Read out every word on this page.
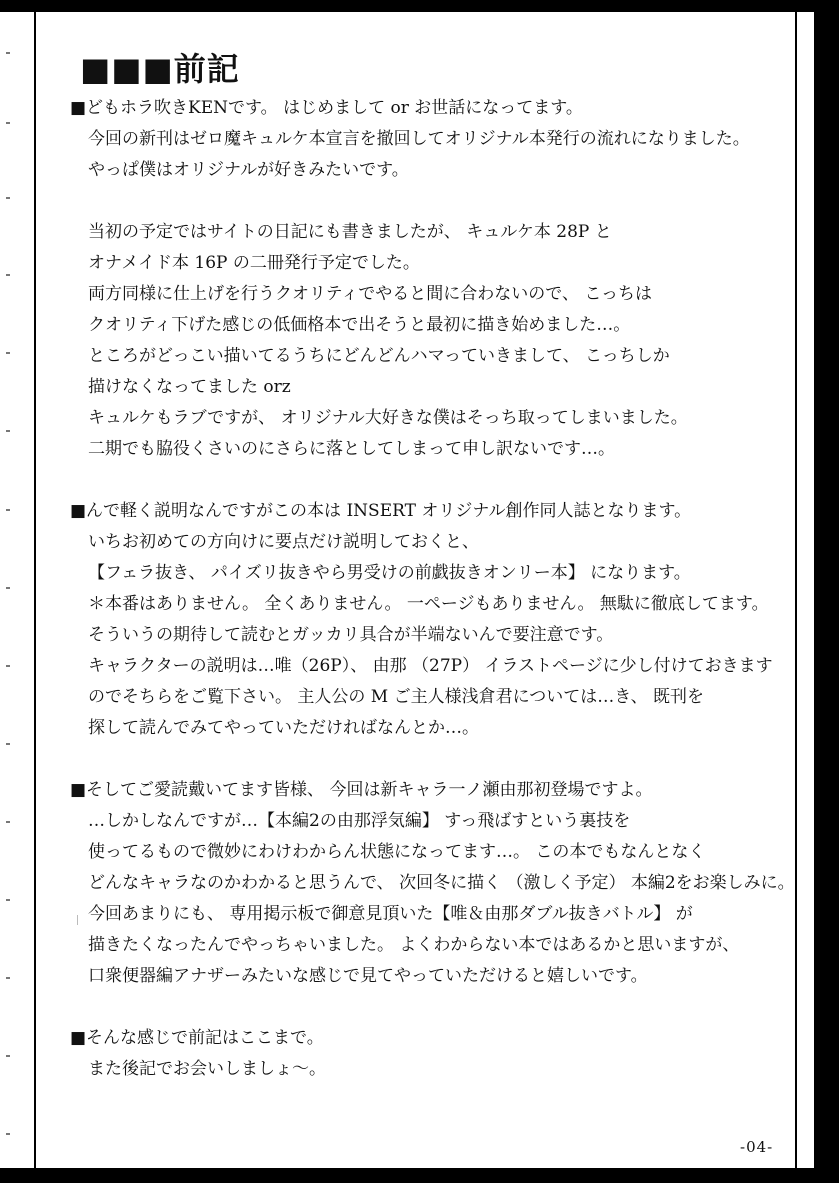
■■■前記
■どもホラ吹きKENです。 はじめまして or お世話になってます。
今回の新刊はゼロ魔キュルケ本宣言を撤回してオリジナル本発行の流れになりました。
やっぱ僕はオリジナルが好きみたいです。
当初の予定ではサイトの日記にも書きましたが、 キュルケ本 28P と
オナメイド本 16P の二冊発行予定でした。
両方同様に仕上げを行うクオリティでやると間に合わないので、 こっちは
クオリティ下げた感じの低価格本で出そうと最初に描き始めました…。
ところがどっこい描いてるうちにどんどんハマっていきまして、 こっちしか
描けなくなってました orz
キュルケもラブですが、 オリジナル大好きな僕はそっち取ってしまいました。
二期でも脇役くさいのにさらに落としてしまって申し訳ないです…。
■んで軽く説明なんですがこの本は INSERT オリジナル創作同人誌となります。
いちお初めての方向けに要点だけ説明しておくと、
【フェラ抜き、 パイズリ抜きやら男受けの前戯抜きオンリー本】 になります。
＊本番はありません。 全くありません。 一ページもありません。 無駄に徹底してます。
そういうの期待して読むとガッカリ具合が半端ないんで要注意です。
キャラクターの説明は…唯（26P）、 由那 （27P） イラストページに少し付けておきます
のでそちらをご覧下さい。 主人公の M ご主人様浅倉君については…き、 既刊を
探して読んでみてやっていただければなんとか…。
■そしてご愛読戴いてます皆様、 今回は新キャラ一ノ瀬由那初登場ですよ。
…しかしなんですが…【本編2の由那浮気編】 すっ飛ばすという裏技を
使ってるもので微妙にわけわからん状態になってます…。 この本でもなんとなく
どんなキャラなのかわかると思うんで、 次回冬に描く （激しく予定） 本編2をお楽しみに。
今回あまりにも、 専用掲示板で御意見頂いた【唯＆由那ダブル抜きバトル】 が
描きたくなったんでやっちゃいました。 よくわからない本ではあるかと思いますが、
口衆便器編アナザーみたいな感じで見てやっていただけると嬉しいです。
■そんな感じで前記はここまで。
また後記でお会いしましょ～。
-04-
